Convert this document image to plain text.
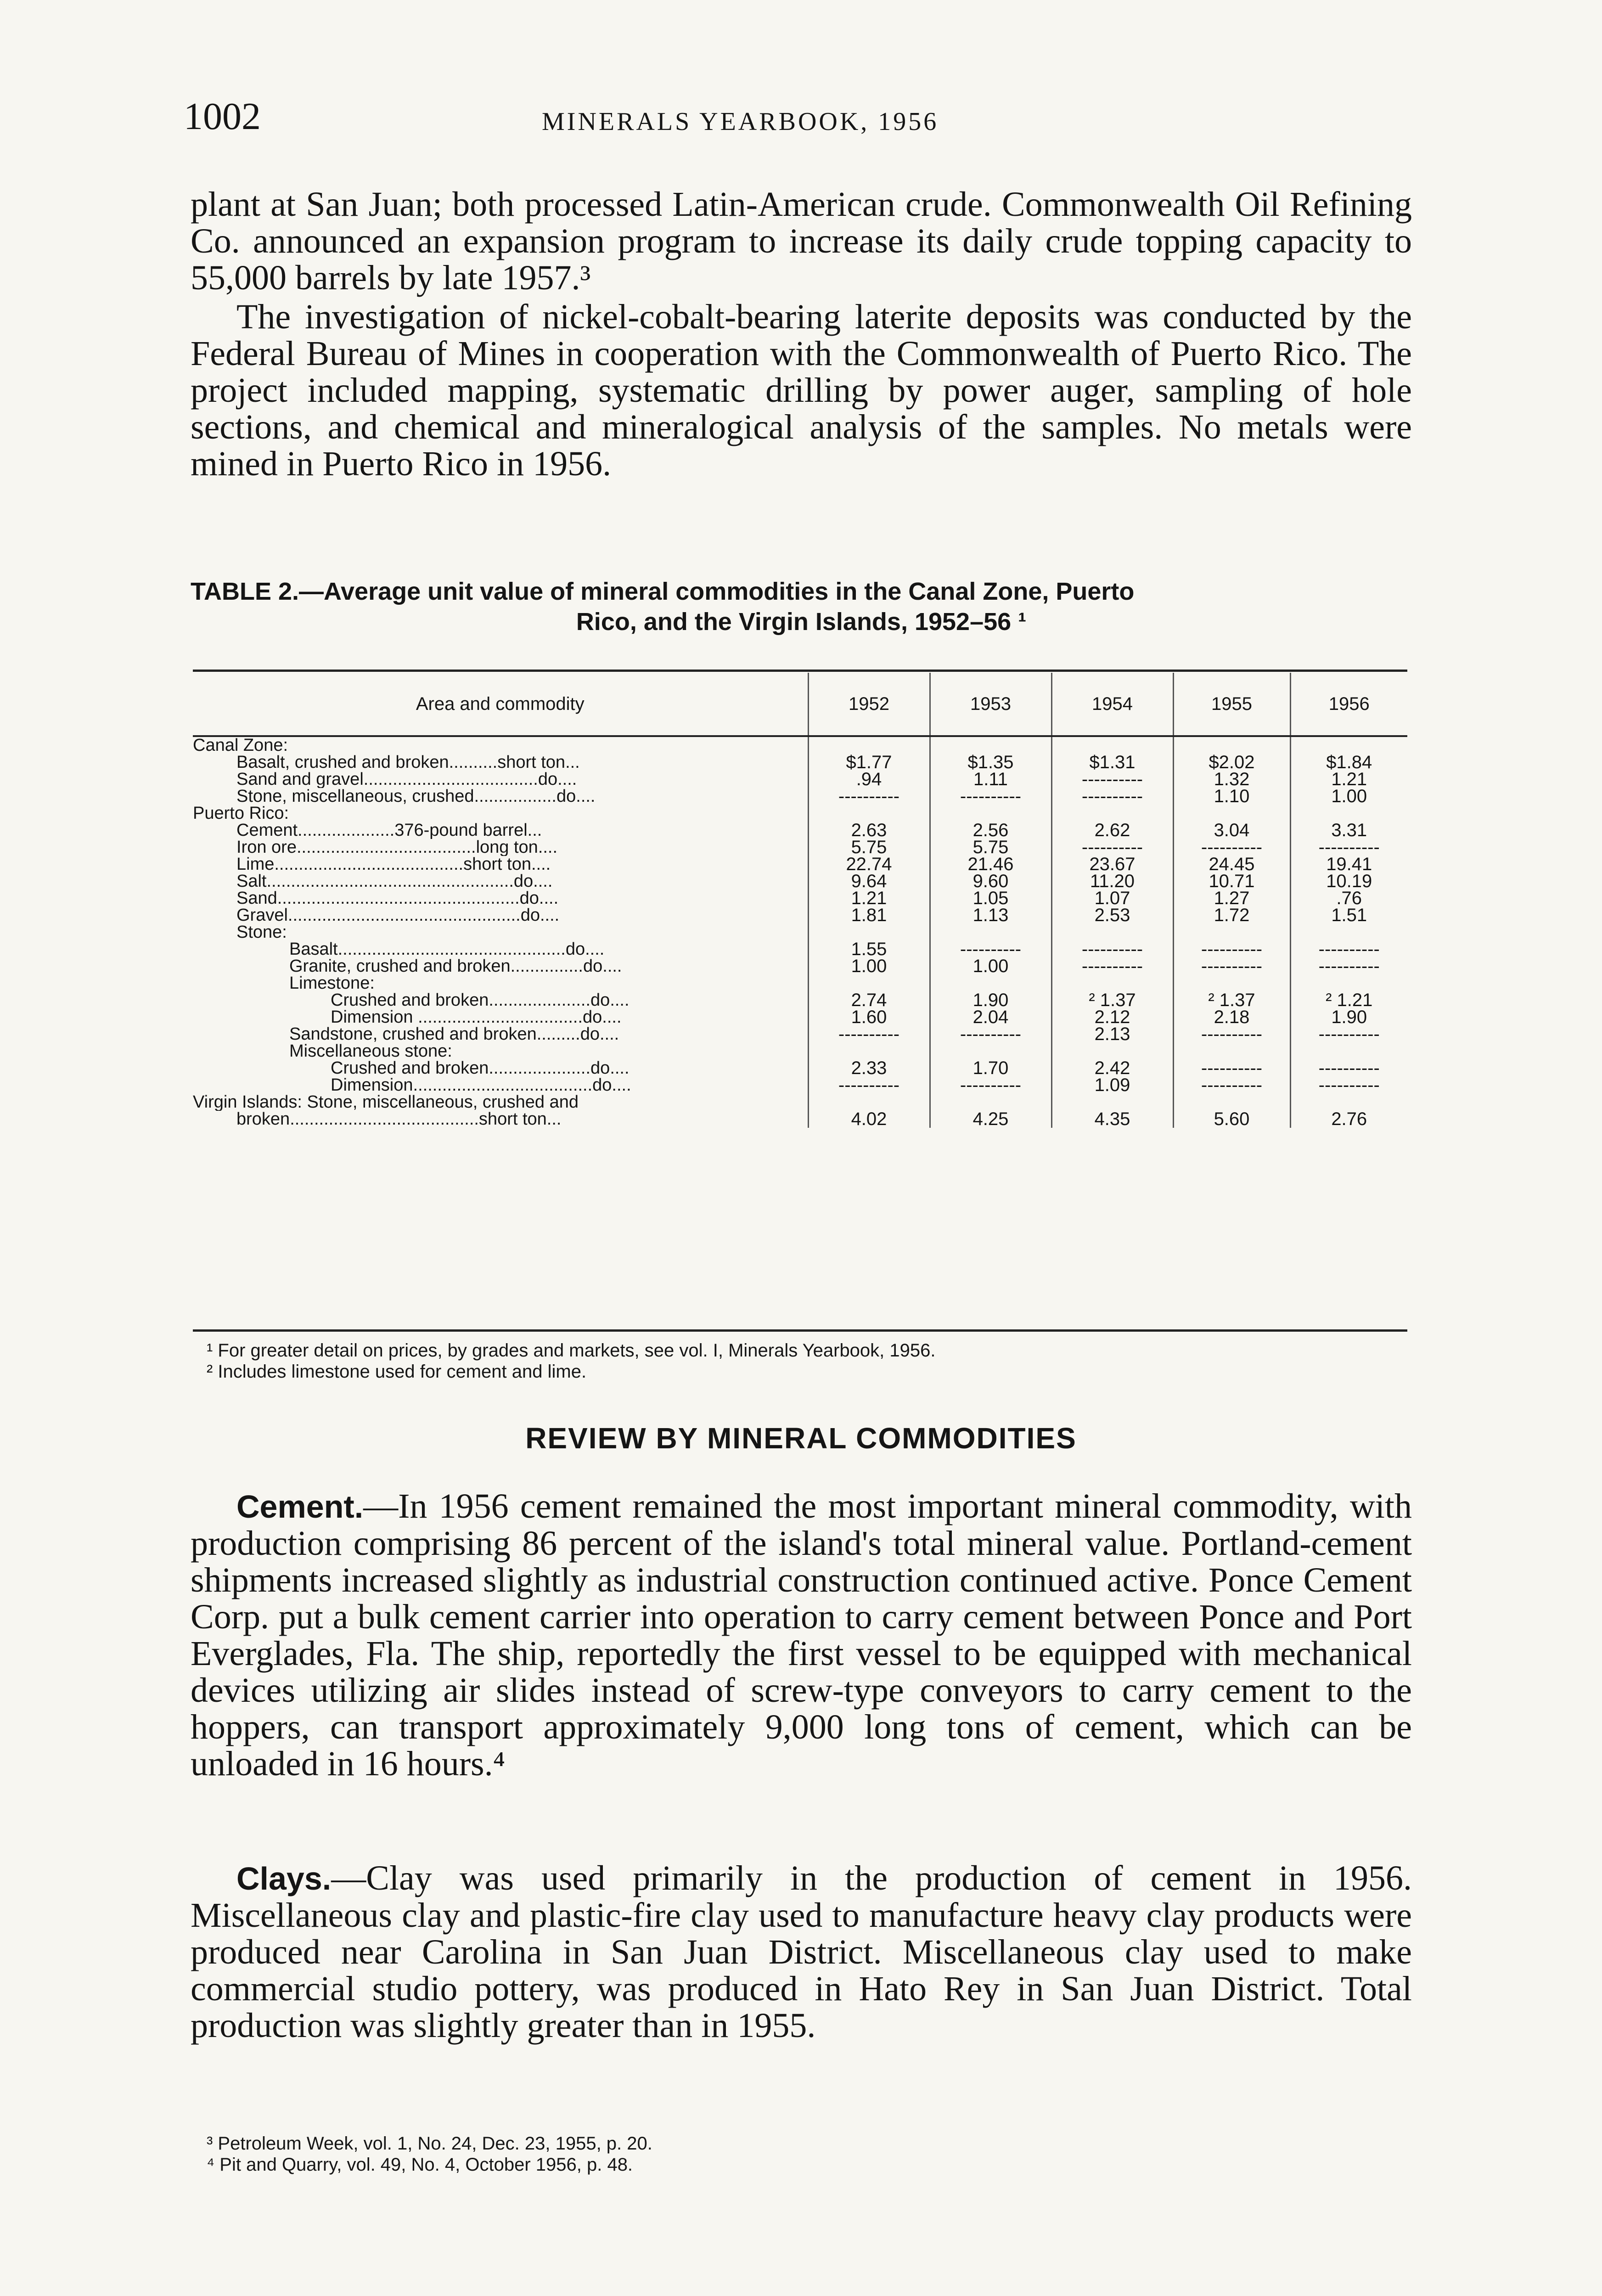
1002	MINERALS YEARBOOK, 1956

plant at San Juan; both processed Latin-American crude. Commonwealth Oil Refining Co. announced an expansion program to increase its daily crude topping capacity to 55,000 barrels by late 1957.³

The investigation of nickel-cobalt-bearing laterite deposits was conducted by the Federal Bureau of Mines in cooperation with the Commonwealth of Puerto Rico. The project included mapping, systematic drilling by power auger, sampling of hole sections, and chemical and mineralogical analysis of the samples. No metals were mined in Puerto Rico in 1956.

TABLE 2.—Average unit value of mineral commodities in the Canal Zone, Puerto
Rico, and the Virgin Islands, 1952–56 ¹
Area and commodity	1952	1953	1954	1955	1956
Canal Zone:					
Basalt, crushed and broken..........short ton...	$1.77	$1.35	$1.31	$2.02	$1.84
Sand and gravel....................................do....	.94	1.11	----------	1.32	1.21
Stone, miscellaneous, crushed.................do....	----------	----------	----------	1.10	1.00
Puerto Rico:					
Cement....................376-pound barrel...	2.63	2.56	2.62	3.04	3.31
Iron ore.....................................long ton....	5.75	5.75	----------	----------	----------
Lime.......................................short ton....	22.74	21.46	23.67	24.45	19.41
Salt...................................................do....	9.64	9.60	11.20	10.71	10.19
Sand..................................................do....	1.21	1.05	1.07	1.27	.76
Gravel................................................do....	1.81	1.13	2.53	1.72	1.51
Stone:					
Basalt...............................................do....	1.55	----------	----------	----------	----------
Granite, crushed and broken...............do....	1.00	1.00	----------	----------	----------
Limestone:					
Crushed and broken.....................do....	2.74	1.90	² 1.37	² 1.37	² 1.21
Dimension ..................................do....	1.60	2.04	2.12	2.18	1.90
Sandstone, crushed and broken.........do....	----------	----------	2.13	----------	----------
Miscellaneous stone:					
Crushed and broken.....................do....	2.33	1.70	2.42	----------	----------
Dimension.....................................do....	----------	----------	1.09	----------	----------
Virgin Islands: Stone, miscellaneous, crushed and					
broken.......................................short ton...	4.02	4.25	4.35	5.60	2.76
¹ For greater detail on prices, by grades and markets, see vol. I, Minerals Yearbook, 1956.
² Includes limestone used for cement and lime.
REVIEW BY MINERAL COMMODITIES

Cement.—In 1956 cement remained the most important mineral commodity, with production comprising 86 percent of the island's total mineral value. Portland-cement shipments increased slightly as industrial construction continued active. Ponce Cement Corp. put a bulk cement carrier into operation to carry cement between Ponce and Port Everglades, Fla. The ship, reportedly the first vessel to be equipped with mechanical devices utilizing air slides instead of screw-type conveyors to carry cement to the hoppers, can transport approximately 9,000 long tons of cement, which can be unloaded in 16 hours.⁴

Clays.—Clay was used primarily in the production of cement in 1956. Miscellaneous clay and plastic-fire clay used to manufacture heavy clay products were produced near Carolina in San Juan District. Miscellaneous clay used to make commercial studio pottery, was produced in Hato Rey in San Juan District. Total production was slightly greater than in 1955.

³ Petroleum Week, vol. 1, No. 24, Dec. 23, 1955, p. 20.
⁴ Pit and Quarry, vol. 49, No. 4, October 1956, p. 48.
